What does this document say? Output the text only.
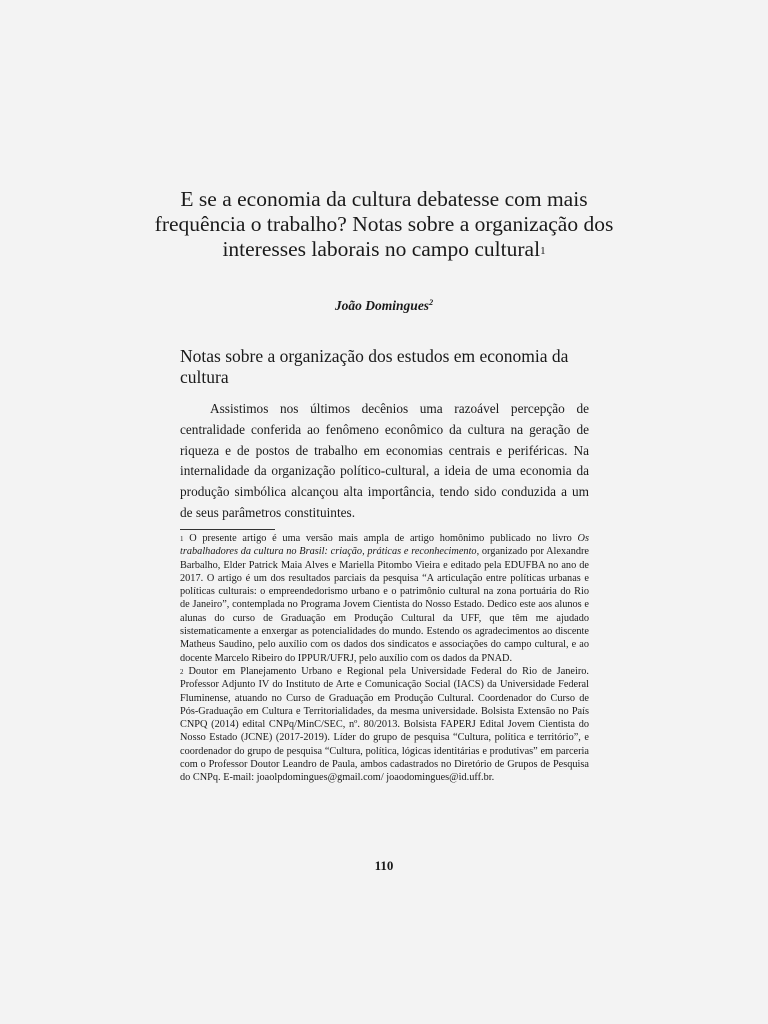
E se a economia da cultura debatesse com mais frequência o trabalho? Notas sobre a organização dos interesses laborais no campo cultural$^1$
João Domingues$^2$
Notas sobre a organização dos estudos em economia da cultura
Assistimos nos últimos decênios uma razoável percepção de centralidade conferida ao fenômeno econômico da cultura na geração de riqueza e de postos de trabalho em economias centrais e periféricas. Na internalidade da organização político-cultural, a ideia de uma economia da produção simbólica alcançou alta importância, tendo sido conduzida a um de seus parâmetros constituintes.

$^1$ O presente artigo é uma versão mais ampla de artigo homônimo publicado no livro Os trabalhadores da cultura no Brasil: criação, práticas e reconhecimento, organizado por Alexandre Barbalho, Elder Patrick Maia Alves e Mariella Pitombo Vieira e editado pela EDUFBA no ano de 2017. O artigo é um dos resultados parciais da pesquisa “A articulação entre políticas urbanas e políticas culturais: o empreendedorismo urbano e o patrimônio cultural na zona portuária do Rio de Janeiro”, contemplada no Programa Jovem Cientista do Nosso Estado. Dedico este aos alunos e alunas do curso de Graduação em Produção Cultural da UFF, que têm me ajudado sistematicamente a enxergar as potencialidades do mundo. Estendo os agradecimentos ao discente Matheus Saudino, pelo auxílio com os dados dos sindicatos e associações do campo cultural, e ao docente Marcelo Ribeiro do IPPUR/UFRJ, pelo auxílio com os dados da PNAD.

$^2$ Doutor em Planejamento Urbano e Regional pela Universidade Federal do Rio de Janeiro. Professor Adjunto IV do Instituto de Arte e Comunicação Social (IACS) da Universidade Federal Fluminense, atuando no Curso de Graduação em Produção Cultural. Coordenador do Curso de Pós-Graduação em Cultura e Territorialidades, da mesma universidade. Bolsista Extensão no País CNPQ (2014) edital CNPq/MinC/SEC, nº. 80/2013. Bolsista FAPERJ Edital Jovem Cientista do Nosso Estado (JCNE) (2017-2019). Líder do grupo de pesquisa “Cultura, política e território”, e coordenador do grupo de pesquisa “Cultura, política, lógicas identitárias e produtivas” em parceria com o Professor Doutor Leandro de Paula, ambos cadastrados no Diretório de Grupos de Pesquisa do CNPq. E-mail: joaolpdomingues@gmail.com/ joaodomingues@id.uff.br.

110
